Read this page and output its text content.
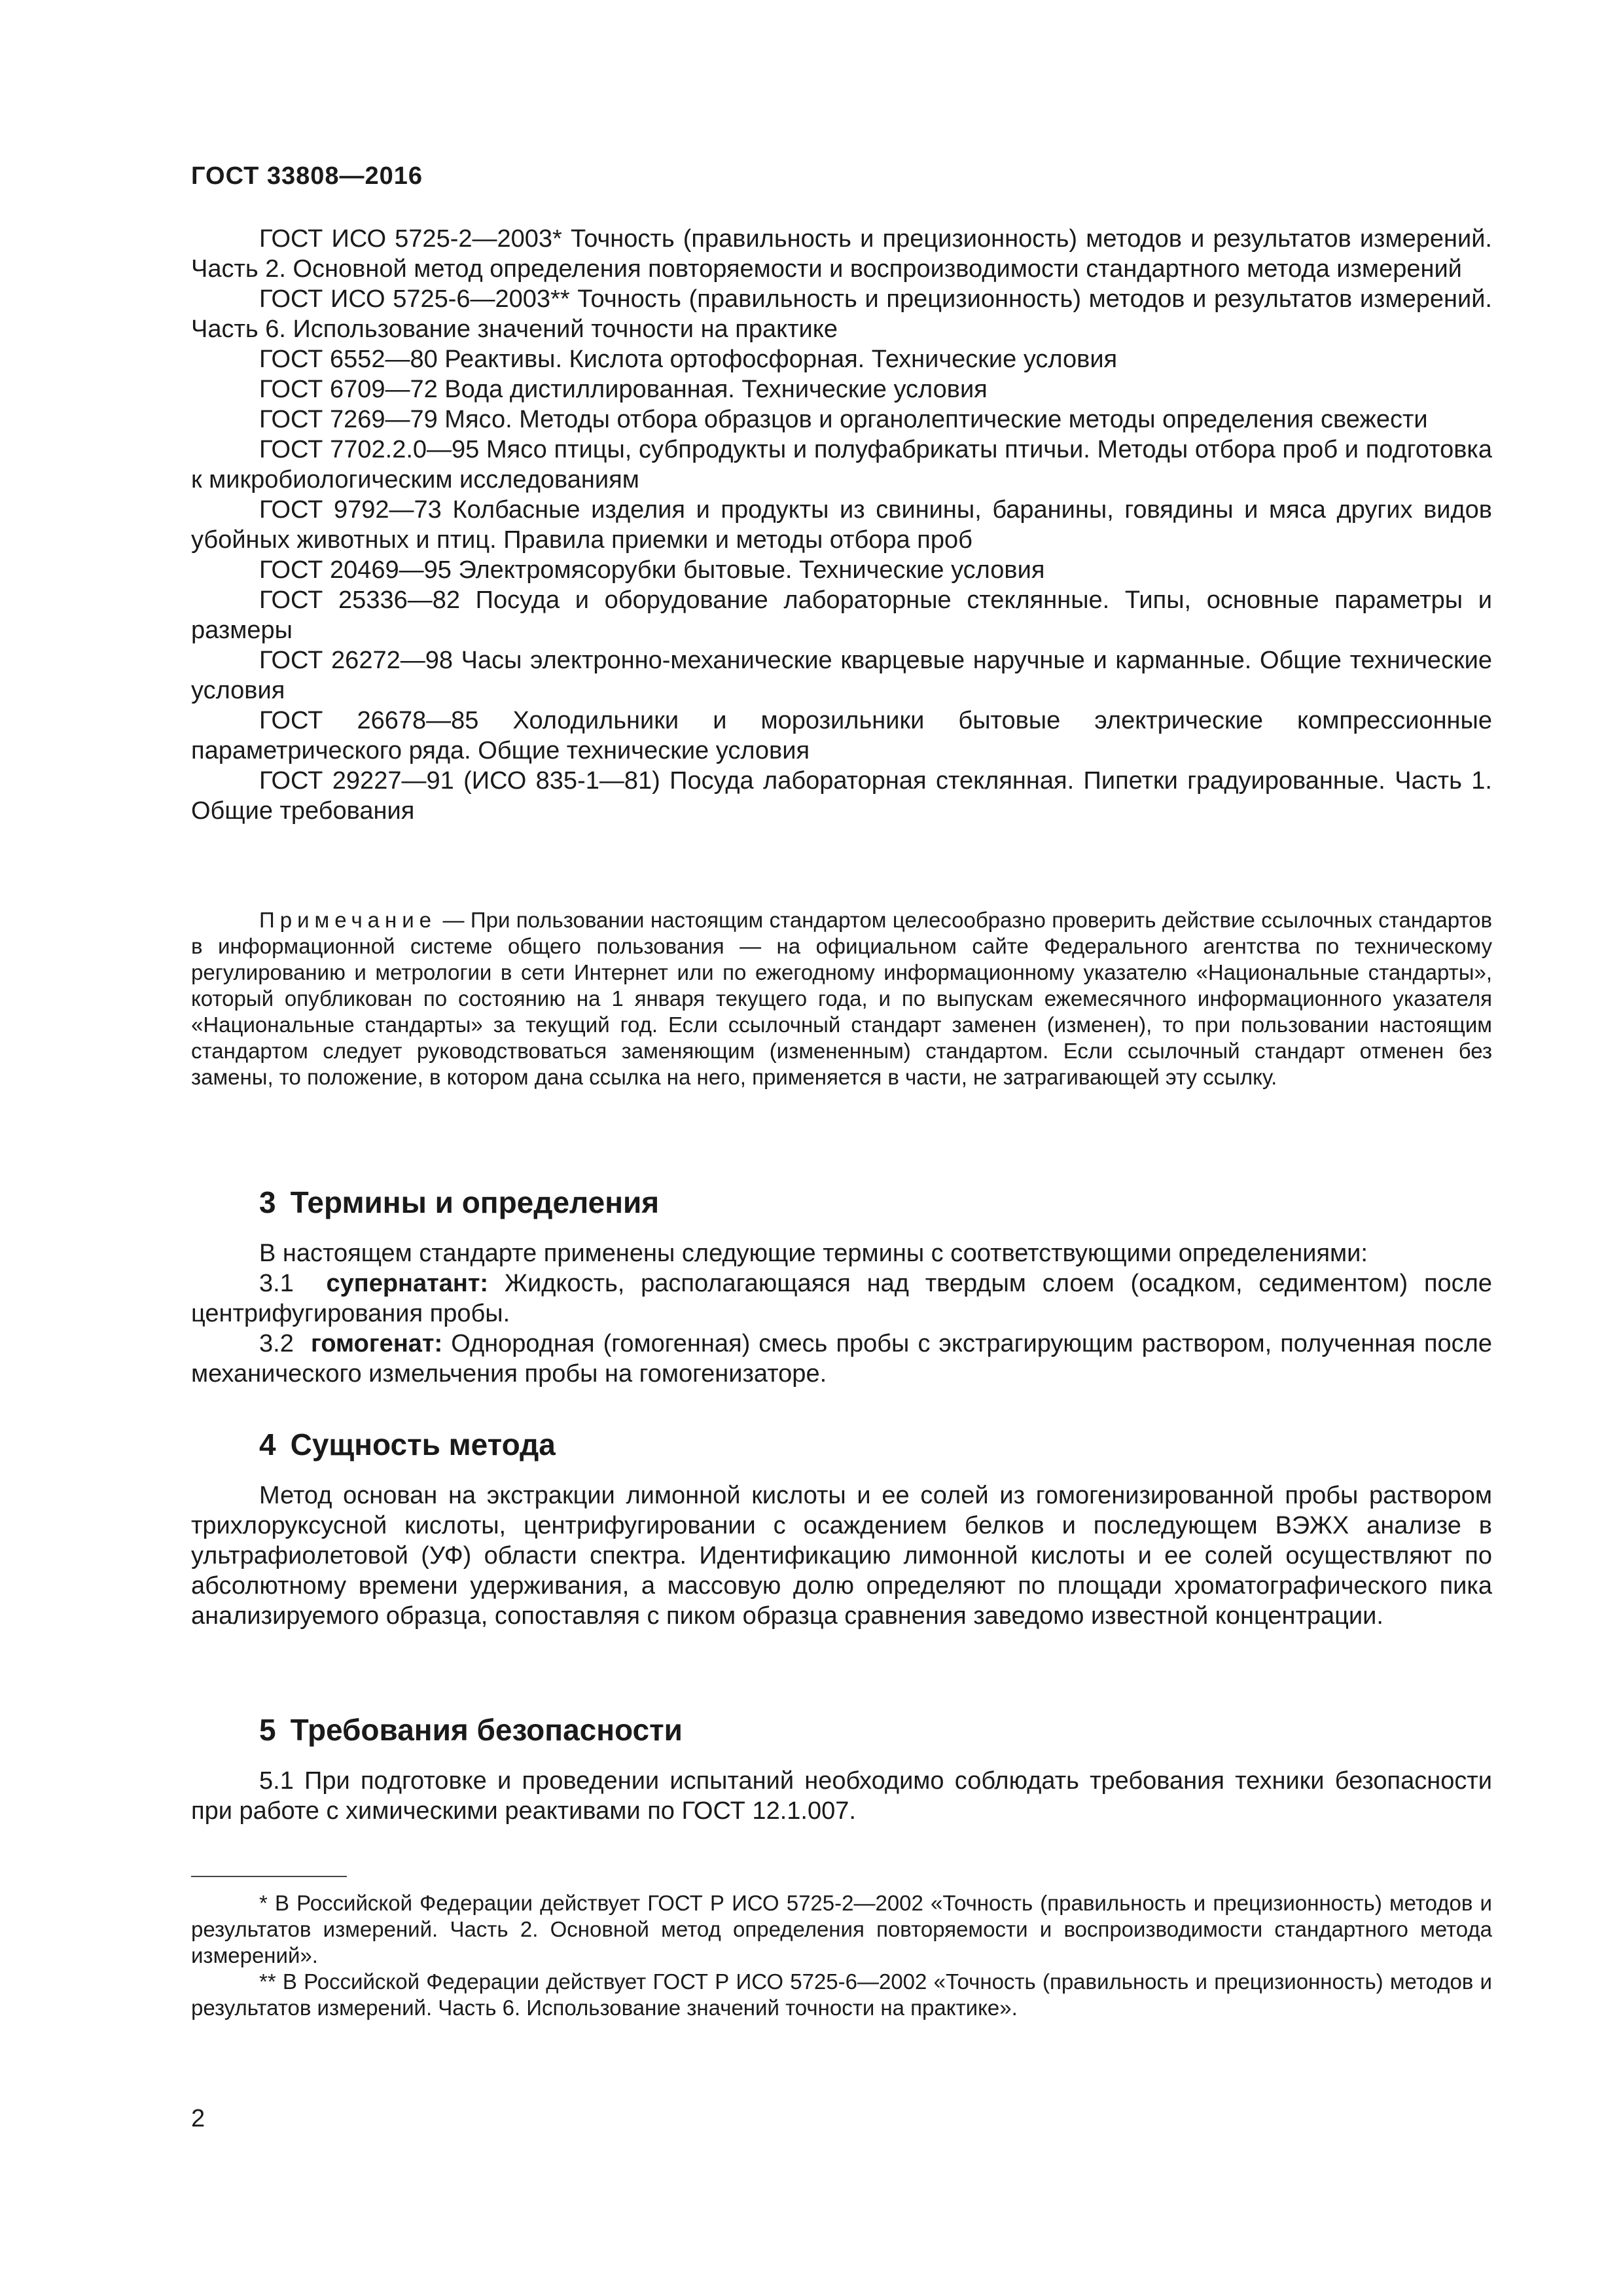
ГОСТ 33808—2016

ГОСТ ИСО 5725-2—2003* Точность (правильность и прецизионность) методов и результатов измерений. Часть 2. Основной метод определения повторяемости и воспроизводимости стандартного метода измерений

ГОСТ ИСО 5725-6—2003** Точность (правильность и прецизионность) методов и результатов измерений. Часть 6. Использование значений точности на практике

ГОСТ 6552—80 Реактивы. Кислота ортофосфорная. Технические условия

ГОСТ 6709—72 Вода дистиллированная. Технические условия

ГОСТ 7269—79 Мясо. Методы отбора образцов и органолептические методы определения свежести

ГОСТ 7702.2.0—95 Мясо птицы, субпродукты и полуфабрикаты птичьи. Методы отбора проб и подготовка к микробиологическим исследованиям

ГОСТ 9792—73 Колбасные изделия и продукты из свинины, баранины, говядины и мяса других видов убойных животных и птиц. Правила приемки и методы отбора проб

ГОСТ 20469—95 Электромясорубки бытовые. Технические условия

ГОСТ 25336—82 Посуда и оборудование лабораторные стеклянные. Типы, основные параметры и размеры

ГОСТ 26272—98 Часы электронно-механические кварцевые наручные и карманные. Общие технические условия

ГОСТ 26678—85 Холодильники и морозильники бытовые электрические компрессионные параметрического ряда. Общие технические условия

ГОСТ 29227—91 (ИСО 835-1—81) Посуда лабораторная стеклянная. Пипетки градуированные. Часть 1. Общие требования

Примечание — При пользовании настоящим стандартом целесообразно проверить действие ссылочных стандартов в информационной системе общего пользования — на официальном сайте Федерального агентства по техническому регулированию и метрологии в сети Интернет или по ежегодному информационному указателю «Национальные стандарты», который опубликован по состоянию на 1 января текущего года, и по выпускам ежемесячного информационного указателя «Национальные стандарты» за текущий год. Если ссылочный стандарт заменен (изменен), то при пользовании настоящим стандартом следует руководствоваться заменяющим (измененным) стандартом. Если ссылочный стандарт отменен без замены, то положение, в котором дана ссылка на него, применяется в части, не затрагивающей эту ссылку.

3 Термины и определения

В настоящем стандарте применены следующие термины с соответствующими определениями:

3.1 супернатант: Жидкость, располагающаяся над твердым слоем (осадком, седиментом) после центрифугирования пробы.

3.2 гомогенат: Однородная (гомогенная) смесь пробы с экстрагирующим раствором, полученная после механического измельчения пробы на гомогенизаторе.

4 Сущность метода

Метод основан на экстракции лимонной кислоты и ее солей из гомогенизированной пробы раствором трихлоруксусной кислоты, центрифугировании с осаждением белков и последующем ВЭЖХ анализе в ультрафиолетовой (УФ) области спектра. Идентификацию лимонной кислоты и ее солей осуществляют по абсолютному времени удерживания, а массовую долю определяют по площади хроматографического пика анализируемого образца, сопоставляя с пиком образца сравнения заведомо известной концентрации.

5 Требования безопасности

5.1 При подготовке и проведении испытаний необходимо соблюдать требования техники безопасности при работе с химическими реактивами по ГОСТ 12.1.007.

* В Российской Федерации действует ГОСТ Р ИСО 5725-2—2002 «Точность (правильность и прецизионность) методов и результатов измерений. Часть 2. Основной метод определения повторяемости и воспроизводимости стандартного метода измерений».

** В Российской Федерации действует ГОСТ Р ИСО 5725-6—2002 «Точность (правильность и прецизионность) методов и результатов измерений. Часть 6. Использование значений точности на практике».

2
